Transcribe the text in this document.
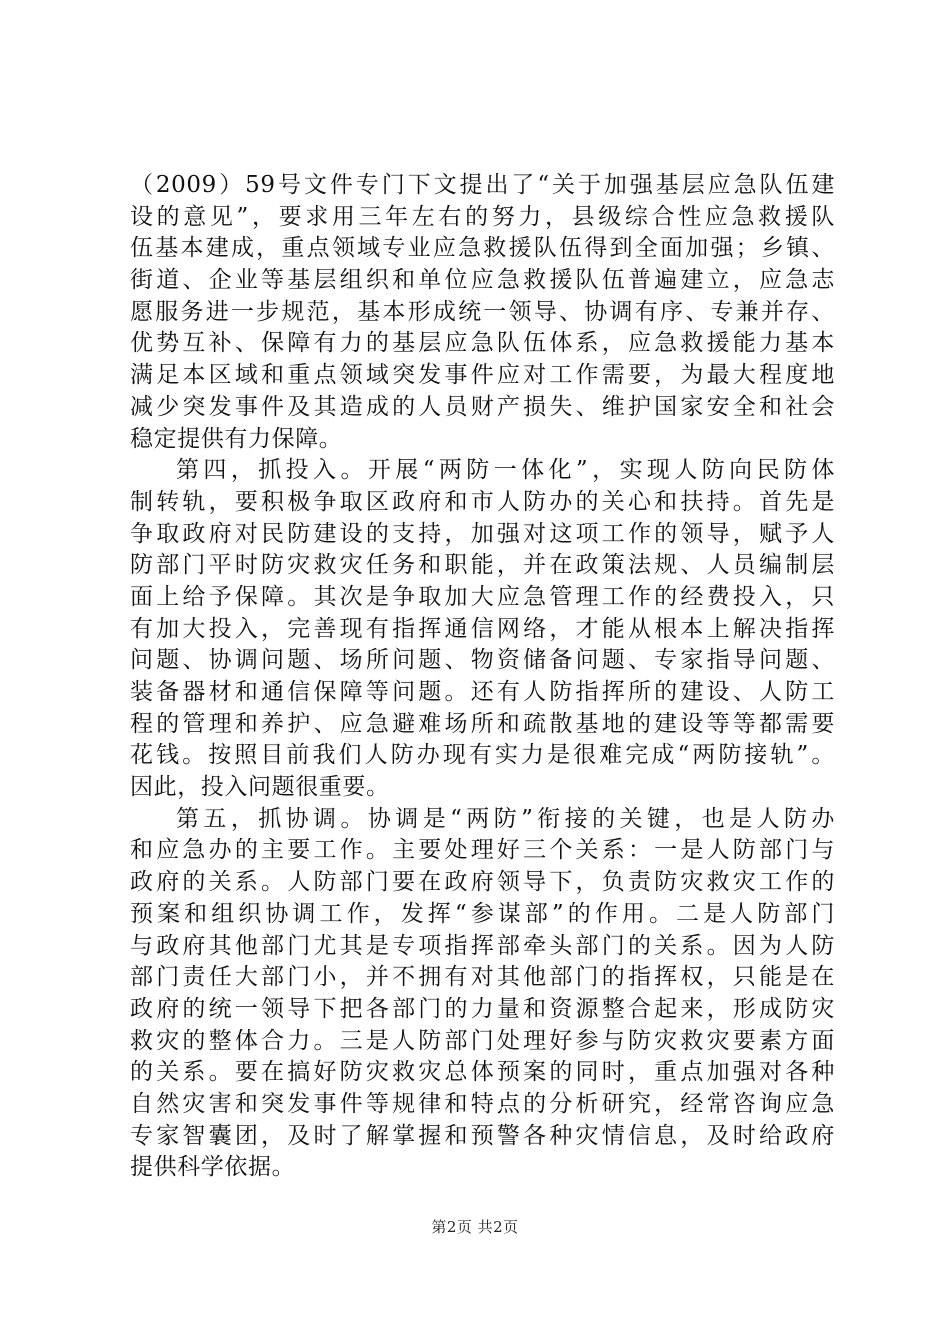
（2009）59号文件专门下文提出了“关于加强基层应急队伍建
设的意见”，要求用三年左右的努力，县级综合性应急救援队
伍基本建成，重点领域专业应急救援队伍得到全面加强；乡镇、
街道、企业等基层组织和单位应急救援队伍普遍建立，应急志
愿服务进一步规范，基本形成统一领导、协调有序、专兼并存、
优势互补、保障有力的基层应急队伍体系，应急救援能力基本
满足本区域和重点领域突发事件应对工作需要，为最大程度地
减少突发事件及其造成的人员财产损失、维护国家安全和社会
稳定提供有力保障。
第四，抓投入。开展“两防一体化”，实现人防向民防体
制转轨，要积极争取区政府和市人防办的关心和扶持。首先是
争取政府对民防建设的支持，加强对这项工作的领导，赋予人
防部门平时防灾救灾任务和职能，并在政策法规、人员编制层
面上给予保障。其次是争取加大应急管理工作的经费投入，只
有加大投入，完善现有指挥通信网络，才能从根本上解决指挥
问题、协调问题、场所问题、物资储备问题、专家指导问题、
装备器材和通信保障等问题。还有人防指挥所的建设、人防工
程的管理和养护、应急避难场所和疏散基地的建设等等都需要
花钱。按照目前我们人防办现有实力是很难完成“两防接轨”。
因此，投入问题很重要。
第五，抓协调。协调是“两防”衔接的关键，也是人防办
和应急办的主要工作。主要处理好三个关系：一是人防部门与
政府的关系。人防部门要在政府领导下，负责防灾救灾工作的
预案和组织协调工作，发挥“参谋部”的作用。二是人防部门
与政府其他部门尤其是专项指挥部牵头部门的关系。因为人防
部门责任大部门小，并不拥有对其他部门的指挥权，只能是在
政府的统一领导下把各部门的力量和资源整合起来，形成防灾
救灾的整体合力。三是人防部门处理好参与防灾救灾要素方面
的关系。要在搞好防灾救灾总体预案的同时，重点加强对各种
自然灾害和突发事件等规律和特点的分析研究，经常咨询应急
专家智囊团，及时了解掌握和预警各种灾情信息，及时给政府
提供科学依据。
第2页 共2页
